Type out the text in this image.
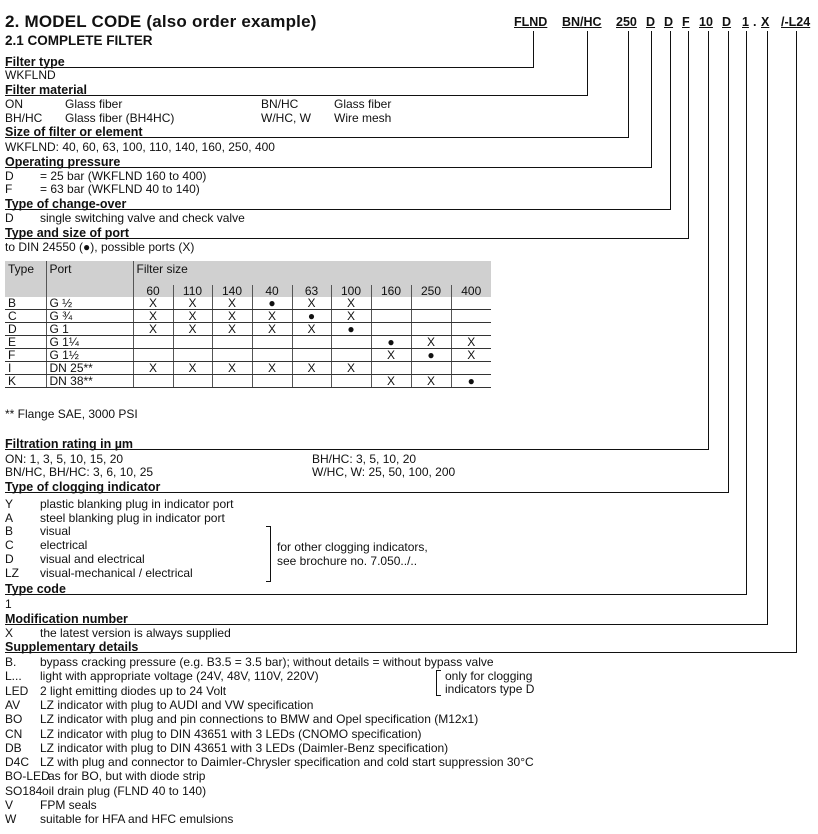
2. MODEL CODE (also order example)
2.1 COMPLETE FILTER
FLND BN/HC 250 D D F 10 D 1 . X /-L24
Filter type
WKFLND
Filter material
ON	Glass fiber	BN/HC	Glass fiber
BH/HC Glass fiber (BH4HC)	W/HC, W Wire mesh
Size of filter or element
WKFLND: 40, 60, 63, 100, 110, 140, 160, 250, 400
Operating pressure
D = 25 bar (WKFLND 160 to 400)
F = 63 bar (WKFLND 40 to 140)
Type of change-over
D single switching valve and check valve
Type and size of port
to DIN 24550 (●), possible ports (X)
Type	Port	Filter size								
		60	110	140	40	63	100	160	250	400
B	G ½	X	X	X	●	X	X			
C	G ¾	X	X	X	X	●	X			
D	G 1	X	X	X	X	X	●			
E	G 1¼							●	X	X
F	G 1½							X	●	X
I	DN 25**	X	X	X	X	X	X			
K	DN 38**							X	X	●
** Flange SAE, 3000 PSI
Filtration rating in µm
ON: 1, 3, 5, 10, 15, 20	BH/HC: 3, 5, 10, 20
BN/HC, BH/HC: 3, 6, 10, 25	W/HC, W: 25, 50, 100, 200
Type of clogging indicator
Y plastic blanking plug in indicator port
A steel blanking plug in indicator port
B visual
C electrical
D visual and electrical
LZ visual-mechanical / electrical
for other clogging indicators,
see brochure no. 7.050../..
Type code
1
Modification number
X the latest version is always supplied
Supplementary details
B. bypass cracking pressure (e.g. B3.5 = 3.5 bar); without details = without bypass valve
L... light with appropriate voltage (24V, 48V, 110V, 220V)
LED 2 light emitting diodes up to 24 Volt
AV LZ indicator with plug to AUDI and VW specification
BO LZ indicator with plug and pin connections to BMW and Opel specification (M12x1)
CN LZ indicator with plug to DIN 43651 with 3 LEDs (CNOMO specification)
DB LZ indicator with plug to DIN 43651 with 3 LEDs (Daimler-Benz specification)
D4C LZ with plug and connector to Daimler-Chrysler specification and cold start suppression 30°C
BO-LED
as for BO, but with diode strip
SO184 oil drain plug (FLND 40 to 140)
V FPM seals
W suitable for HFA and HFC emulsions
only for clogging
indicators type D
